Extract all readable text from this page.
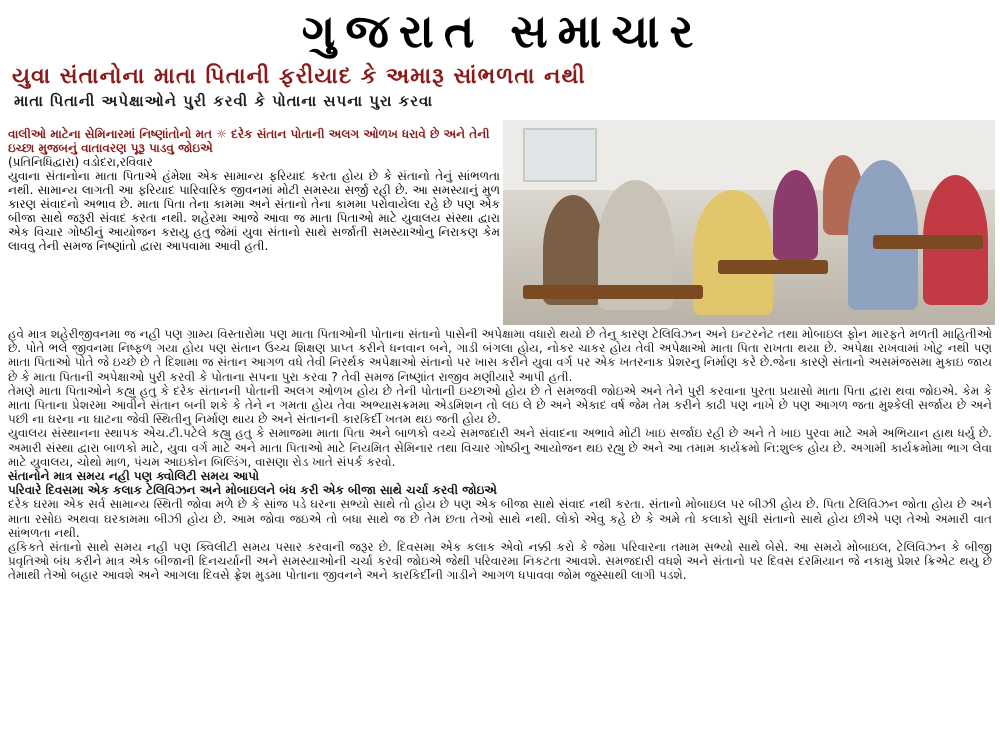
ગુજરાત સમાચાર
યુવા સંતાનોના માતા પિતાની ફરીયાદ કે અમારૂ સાંભળતા નથી
માતા પિતાની અપેક્ષાઓને પુરી કરવી કે પોતાના સપના પુરા કરવા

વાલીઓ માટેના સેમિનારમાં નિષ્ણાંતોનો મત ☼ દરેક સંતાન પોતાની અલગ ઓળખ ધરાવે છે અને તેની ઇચ્છા મુજબનું વાતાવરણ પૂરૂ પાડવુ જોઇએ

(પ્રતિનિધિદ્વારા) વડોદરા,રવિવાર

યુવાના સંતાનોના માતા પિતાએ હંમેશા એક સામાન્ય ફરિયાદ કરતા હોય છે કે સંતાનો તેનું સાંભળતા નથી. સામાન્ય લાગતી આ ફરિયાદ પારિવારિક જીવનમાં મોટી સમસ્યા સર્જી રહી છે. આ સમસ્યાનું મુળ કારણ સંવાદનો અભાવ છે. માતા પિતા તેના કામમા અને સંતાનો તેના કામમા પરોવાયેલા રહે છે પણ એક બીજા સાથે જરૂરી સંવાદ કરતા નથી. શહેરમા આજે આવા જ માતા પિતાઓ માટે યુવાલય સંસ્થા દ્વારા એક વિચાર ગોષ્ઠીનું આયોજન કરાયુ હતુ જેમાં યુવા સંતાનો સાથે સર્જાતી સમસ્યાઓનુ નિરાકણ કેમ લાવવુ તેની સમજ નિષ્ણાંતો દ્વારા આપવામા આવી હતી.

હવે માત્ર શહેરીજીવનમા જ નહી પણ ગ્રામ્ય વિસ્તારોમા પણ માતા પિતાઓની પોતાના સંતાનો પાસેની અપેક્ષામા વધારો થયો છે તેનુ કારણ ટેલિવિઝન અને ઇન્ટરનેટ તથા મોબાઇલ ફોન મારફતે મળતી માહિતીઓ છે. પોતે ભલે જીવનમા નિષ્ફળ ગયા હોય પણ સંતાન ઉચ્ચ શિક્ષણ પ્રાપ્ત કરીને ધનવાન બને, ગાડી બંગલા હોય, નોકર ચાકર હોય તેવી અપેક્ષાઓ માતા પિતા રાખતા થયા છે. અપેક્ષા રાખવામાં ખોટુ નથી પણ માતા પિતાઓ પોતે જે ઇચ્છે છે તે દિશામા જ સંતાન આગળ વધે તેવી નિરર્થક અપેક્ષાઓ સંતાનો પર ખાસ કરીને યુવા વર્ગ પર એક ખતરનાક પ્રેશરનુ નિર્માણ કરે છે.જેના કારણે સંતાનો અસમંજસમા મુકાઇ જાય છે કે માતા પિતાની અપેક્ષાઓ પુરી કરવી કે પોતાના સપના પુરા કરવા ? તેવી સમજ નિષ્ણાંત રાજીવ મણીયારે આપી હતી.

તેમણે માતા પિતાઓને કહ્યુ હતુ કે દરેક સંતાનની પોતાની અલગ ઓળખ હોય છે તેની પોતાની ઇચ્છાઓ હોય છે તે સમજવી જોઇએ અને તેને પુરી કરવાના પુરતા પ્રયાસો માતા પિતા દ્વારા થવા જોઇએ. કેમ કે માતા પિતાના પ્રેશરમા આવીને સંતાન બની શકે કે તેને ન ગમતા હોય તેવા અભ્યાસક્રમમા એડમિશન તો લઇ લે છે અને એકાદ વર્ષ જેમ તેમ કરીને કાઢી પણ નાખે છે પણ આગળ જતા મુશ્કેલી સર્જાય છે અને પછી ના ઘરના ના ઘાટના જેવી સ્થિતીનુ નિર્માણ થાય છે અને સંતાનની કારકિર્દી ખતમ થઇ જતી હોય છે.

યુવાલય સંસ્થાનના સ્થાપક એચ.ટી.પટેલે કહ્યુ હતુ કે સમાજમા માતા પિતા અને બાળકો વચ્ચે સમજદારી અને સંવાદના અભાવે મોટી ખાઇ સર્જાઇ રહી છે અને તે ખાઇ પુરવા માટે અમે અભિયાન હાથ ધર્યુ છે. અમારી સંસ્થા દ્વારા બાળકો માટે, યુવા વર્ગ માટે અને માતા પિતાઓ માટે નિયમિત સેમિનાર તથા વિચાર ગોષ્ઠીનુ આયોજન થઇ રહ્યુ છે અને આ તમામ કાર્યક્રમો નિ:શુલ્ક હોય છે. અગામી કાર્યક્રમોમા ભાગ લેવા માટે યુવાલય, ચોથો માળ, પંચમ આઇકોન બિલ્ડિંગ, વાસણા રોડ ખાતે સંપર્ક કરવો.

સંતાનોને માત્ર સમય નહી પણ ક્વોલિટી સમય આપો

પરિવારે દિવસમા એક કલાક ટેલિવિઝન અને મોબાઇલને બંધ કરી એક બીજા સાથે ચર્ચા કરવી જોઇએ

દરેક ઘરમા એક સર્વ સામાન્ય સ્થિતી જોવા મળે છે કે સાંજ પડે ઘરના સભ્યો સાથે તો હોય છે પણ એક બીજા સાથે સંવાદ નથી કરતા. સંતાનો મોબાઇલ પર બીઝી હોય છે. પિતા ટેલિવિઝન જોતા હોય છે અને માતા રસોઇ અથવા ઘરકામમા બીઝી હોય છે. આમ જોવા જઇએ તો બધા સાથે જ છે તેમ છતા તેઓ સાથે નથી. લોકો એવુ કહે છે કે અમે તો કલાકો સુધી સંતાનો સાથે હોય છીએ પણ તેઓ અમારી વાત સાંભળતા નથી.

હકિકતે સંતાનો સાથે સમય નહી પણ ક્વિલીટી સમય પસાર કરવાની જરૂર છે. દિવસમા એક કલાક એવો નક્કી કરો કે જેમા પરિવારના તમામ સભ્યો સાથે બેસે. આ સમયે મોબાઇલ, ટેલિવિઝન કે બીજી પ્રવૃતિઓ બંધ કરીને માત્ર એક બીજાની દિનચર્યાની અને સમસ્યાઓની ચર્ચા કરવી જોઇએ જેથી પરિવારમા નિકટતા આવશે. સમજદારી વધશે અને સંતાનો પર દિવસ દરમિયાન જે નકામુ પ્રેશર ક્રિએટ થયુ છે તેમાથી તેઓ બહાર આવશે અને આગલા દિવસે ફ્રેશ મુડમા પોતાના જીવનને અને કારકિર્દીની ગાડીને આગળ ધપાવવા જોમ જુસ્સાથી લાગી પડશે.
